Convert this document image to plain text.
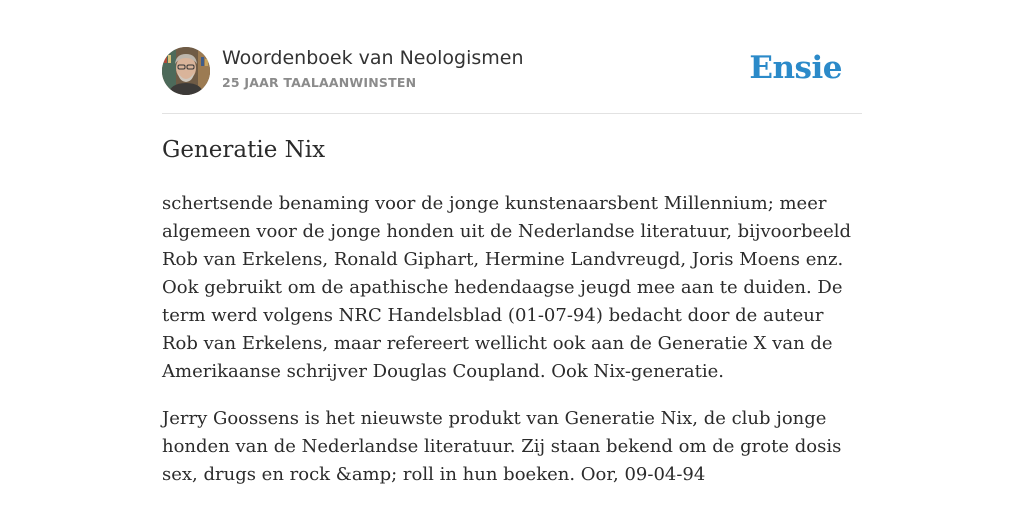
Woordenboek van Neologismen
25 JAAR TAALAANWINSTEN	Ensie
Generatie Nix

schertsende benaming voor de jonge kunstenaarsbent Millennium; meer algemeen voor de jonge honden uit de Nederlandse literatuur, bijvoorbeeld Rob van Erkelens, Ronald Giphart, Hermine Landvreugd, Joris Moens enz. Ook gebruikt om de apathische hedendaagse jeugd mee aan te duiden. De term werd volgens NRC Handelsblad (01-07-94) bedacht door de auteur Rob van Erkelens, maar refereert wellicht ook aan de Generatie X van de Amerikaanse schrijver Douglas Coupland. Ook Nix-generatie.

Jerry Goossens is het nieuwste produkt van Generatie Nix, de club jonge honden van de Nederlandse literatuur. Zij staan bekend om de grote dosis sex, drugs en rock &amp; roll in hun boeken. Oor, 09-04-94
